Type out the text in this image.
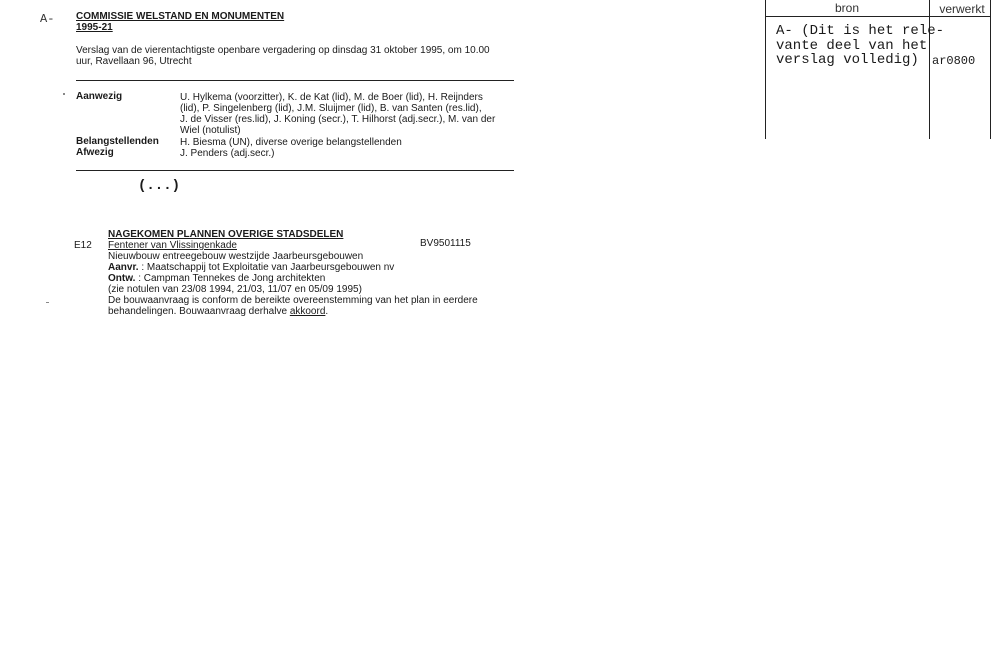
A- COMMISSIE WELSTAND EN MONUMENTEN
1995-21
Verslag van de vierentachtigste openbare vergadering op dinsdag 31 oktober 1995, om 10.00
uur, Ravellaan 96, Utrecht
Aanwezig	U. Hylkema (voorzitter), K. de Kat (lid), M. de Boer (lid), H. Reijnders
(lid), P. Singelenberg (lid), J.M. Sluijmer (lid), B. van Santen (res.lid),
J. de Visser (res.lid), J. Koning (secr.), T. Hilhorst (adj.secr.), M. van der
Wiel (notulist)
Belangstellenden H. Biesma (UN), diverse overige belangstellenden
Afwezig	J. Penders (adj.secr.)
(...)
NAGEKOMEN PLANNEN OVERIGE STADSDELEN
E12 Fentener van Vlissingenkade	BV9501115
Nieuwbouw entreegebouw westzijde Jaarbeursgebouwen
Aanvr. : Maatschappij tot Exploitatie van Jaarbeursgebouwen nv
Ontw. : Campman Tennekes de Jong architekten
(zie notulen van 23/08 1994, 21/03, 11/07 en 05/09 1995)
De bouwaanvraag is conform de bereikte overeenstemming van het plan in eerdere
behandelingen. Bouwaanvraag derhalve akkoord.
bron	verwerkt
A- (Dit is het rele-
vante deel van het
verslag volledig) ar0800
